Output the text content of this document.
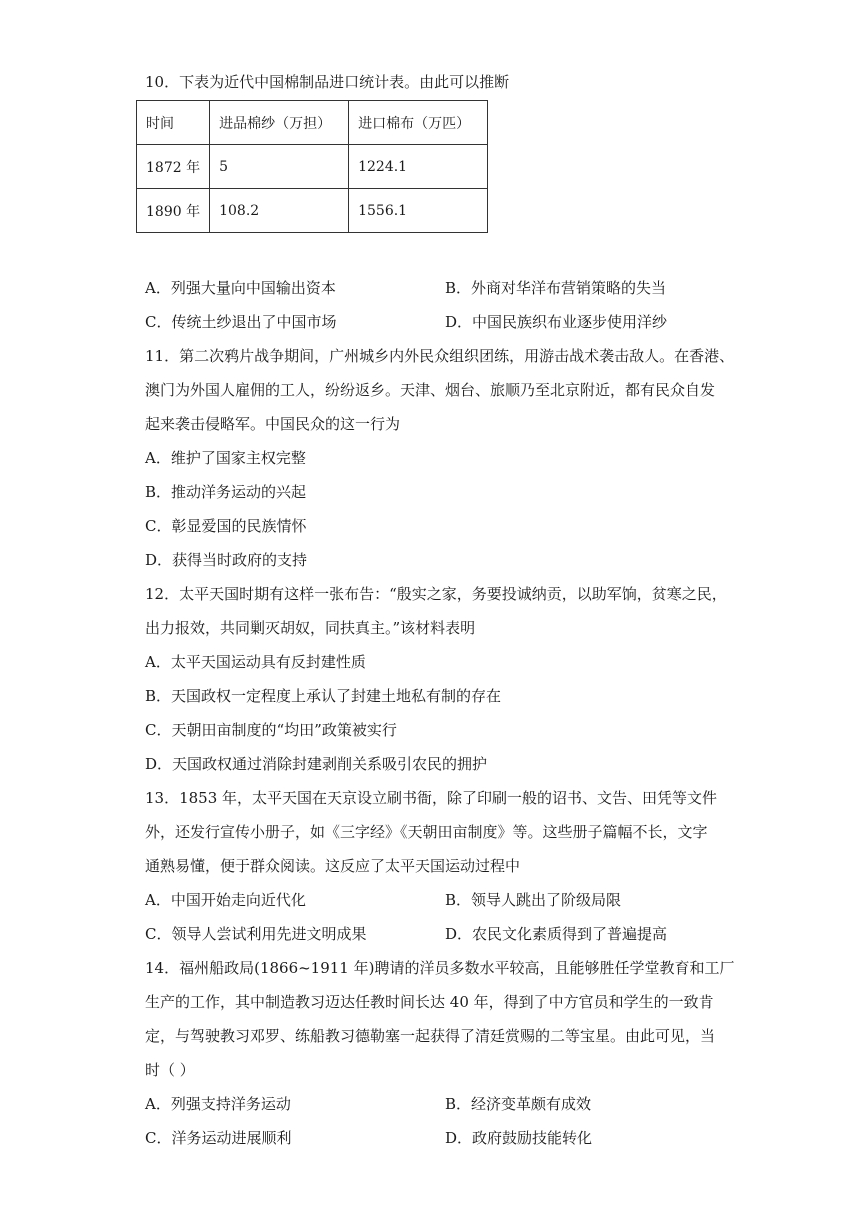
10．下表为近代中国棉制品进口统计表。由此可以推断
时间	进品棉纱（万担）	进口棉布（万匹）
1872 年	5	1224.1
1890 年	108.2	1556.1
A．列强大量向中国输出资本	B．外商对华洋布营销策略的失当
C．传统土纱退出了中国市场	D．中国民族织布业逐步使用洋纱
11．第二次鸦片战争期间，广州城乡内外民众组织团练，用游击战术袭击敌人。在香港、
澳门为外国人雇佣的工人，纷纷返乡。天津、烟台、旅顺乃至北京附近，都有民众自发
起来袭击侵略军。中国民众的这一行为
A．维护了国家主权完整
B．推动洋务运动的兴起
C．彰显爱国的民族情怀
D．获得当时政府的支持
12．太平天国时期有这样一张布告：“殷实之家，务要投诚纳贡，以助军饷，贫寒之民，
出力报效，共同剿灭胡奴，同扶真主。”该材料表明
A．太平天国运动具有反封建性质
B．天国政权一定程度上承认了封建土地私有制的存在
C．天朝田亩制度的“均田”政策被实行
D．天国政权通过消除封建剥削关系吸引农民的拥护
13．1853 年，太平天国在天京设立刷书衙，除了印刷一般的诏书、文告、田凭等文件
外，还发行宣传小册子，如《三字经》《天朝田亩制度》等。这些册子篇幅不长，文字
通熟易懂，便于群众阅读。这反应了太平天国运动过程中
A．中国开始走向近代化	B．领导人跳出了阶级局限
C．领导人尝试利用先进文明成果	D．农民文化素质得到了普遍提高
14．福州船政局(1866~1911 年)聘请的洋员多数水平较高，且能够胜任学堂教育和工厂
生产的工作，其中制造教习迈达任教时间长达 40 年，得到了中方官员和学生的一致肯
定，与驾驶教习邓罗、练船教习德勒塞一起获得了清廷赏赐的二等宝星。由此可见，当
时（ ）
A．列强支持洋务运动	B．经济变革颇有成效
C．洋务运动进展顺利	D．政府鼓励技能转化
